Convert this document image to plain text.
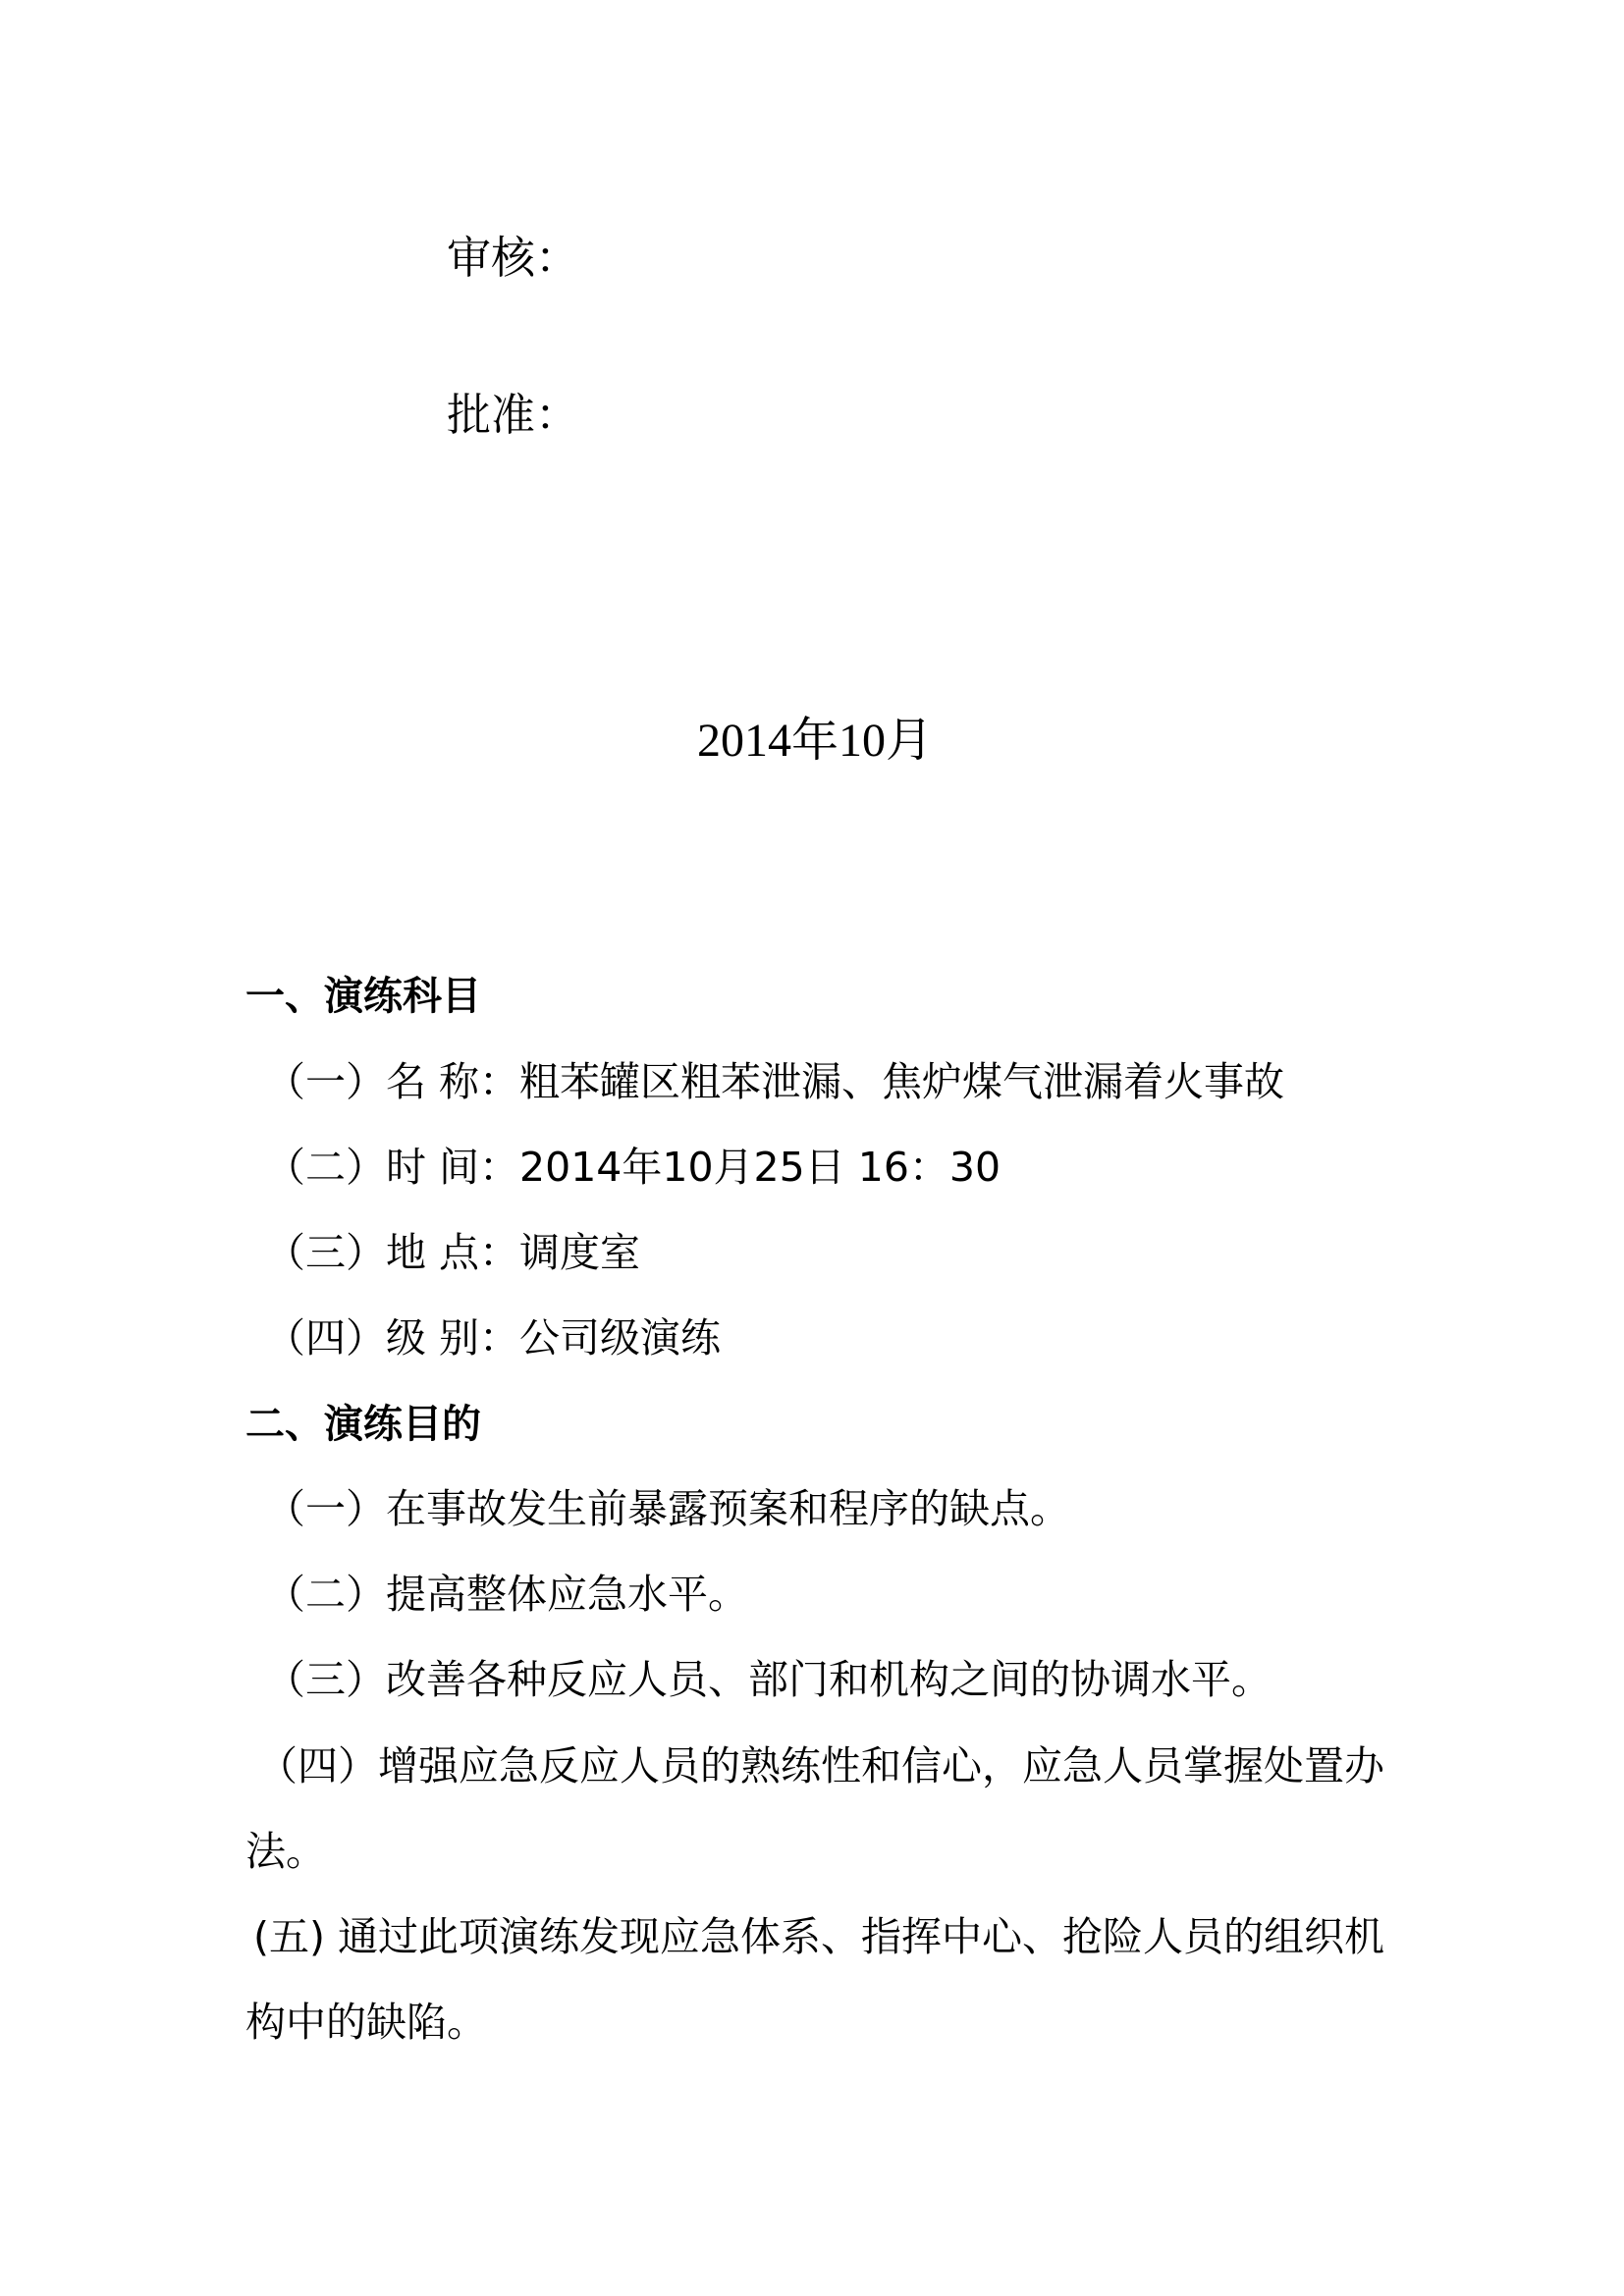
审核：
批准：
2014年10月
一、演练科目
（一）名 称：粗苯罐区粗苯泄漏、焦炉煤气泄漏着火事故
（二）时 间：2014年10月25日 16：30
（三）地 点：调度室
（四）级 别：公司级演练
二、演练目的
（一）在事故发生前暴露预案和程序的缺点。
（二）提高整体应急水平。
（三）改善各种反应人员、部门和机构之间的协调水平。
（四）增强应急反应人员的熟练性和信心，应急人员掌握处置办
法。
(五) 通过此项演练发现应急体系、指挥中心、抢险人员的组织机
构中的缺陷。
